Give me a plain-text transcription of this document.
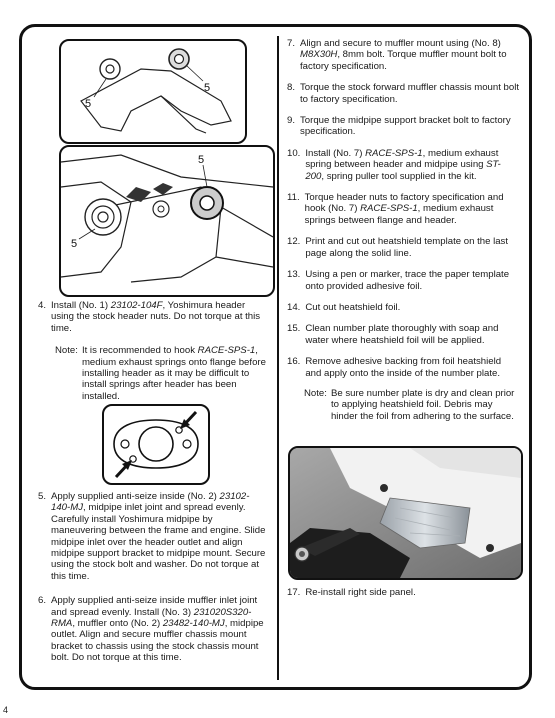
5
5
5
5
4. Install (No. 1) 23102-104F, Yoshimura header using the stock header nuts. Do not torque at this time.
Note: It is recommended to hook RACE-SPS-1, medium exhaust springs onto flange before installing header as it may be difficult to install springs after header has been installed.
5. Apply supplied anti-seize inside (No. 2) 23102-140-MJ, midpipe inlet joint and spread evenly. Carefully install Yoshimura midpipe by maneuvering between the frame and engine. Slide midpipe inlet over the header outlet and align midpipe support bracket to midpipe mount. Secure using the stock bolt and washer. Do not torque at this time.
6. Apply supplied anti-seize inside muffler inlet joint and spread evenly. Install (No. 3) 231020S320-RMA, muffler onto (No. 2) 23482-140-MJ, midpipe outlet. Align and secure muffler chassis mount bracket to chassis using the stock chassis mount bolt. Do not torque at this time.
7. Align and secure to muffler mount using (No. 8) M8X30H, 8mm bolt. Torque muffler mount bolt to factory specification.
8. Torque the stock forward muffler chassis mount bolt to factory specification.
9. Torque the midpipe support bracket bolt to factory specification.
10. Install (No. 7) RACE-SPS-1, medium exhaust spring between header and midpipe using ST-200, spring puller tool supplied in the kit.
11. Torque header nuts to factory specification and hook (No. 7) RACE-SPS-1, medium exhaust springs between flange and header.
12. Print and cut out heatshield template on the last page along the solid line.
13. Using a pen or marker, trace the paper template onto provided adhesive foil.
14. Cut out heatshield foil.
15. Clean number plate thoroughly with soap and water where heatshield foil will be applied.
16. Remove adhesive backing from foil heatshield and apply onto the inside of the number plate.
Note: Be sure number plate is dry and clean prior to applying heatshield foil. Debris may hinder the foil from adhering to the surface.
17. Re-install right side panel.
4
